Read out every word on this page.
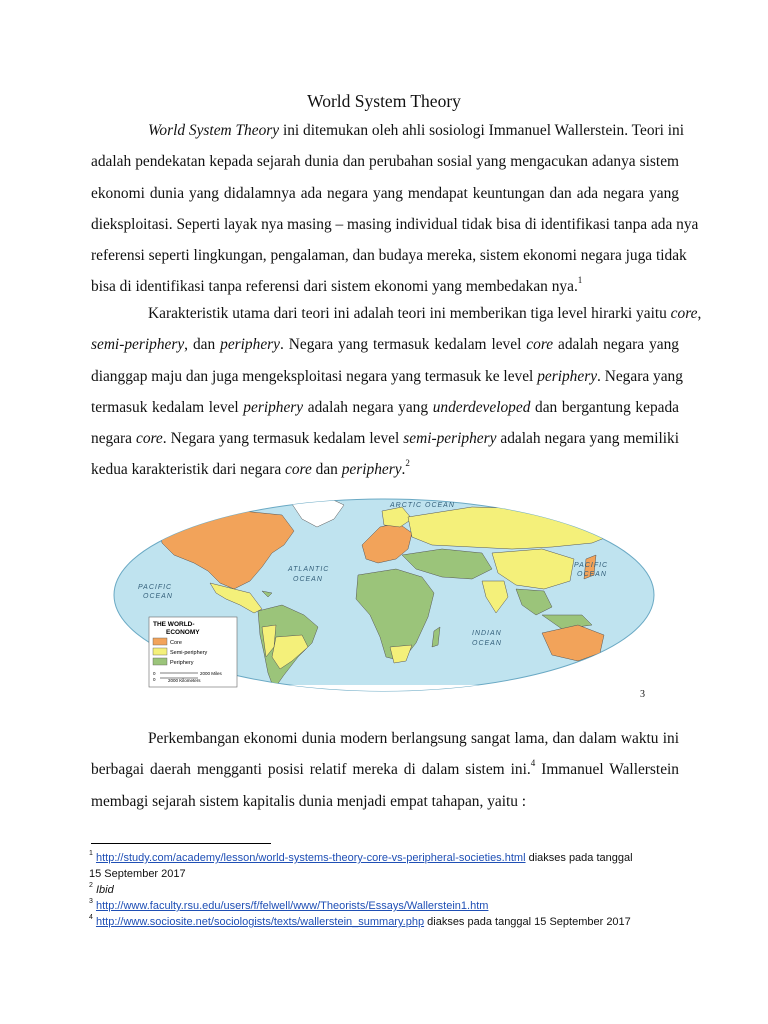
World System Theory
World System Theory ini ditemukan oleh ahli sosiologi Immanuel Wallerstein. Teori ini
adalah pendekatan kepada sejarah dunia dan perubahan sosial yang mengacukan adanya sistem
ekonomi dunia yang didalamnya ada negara yang mendapat keuntungan dan ada negara yang
dieksploitasi. Seperti layak nya masing – masing individual tidak bisa di identifikasi tanpa ada nya
referensi seperti lingkungan, pengalaman, dan budaya mereka, sistem ekonomi negara juga tidak
bisa di identifikasi tanpa referensi dari sistem ekonomi yang membedakan nya.$^1$
Karakteristik utama dari teori ini adalah teori ini memberikan tiga level hirarki yaitu core,
semi-periphery, dan periphery. Negara yang termasuk kedalam level core adalah negara yang
dianggap maju dan juga mengeksploitasi negara yang termasuk ke level periphery. Negara yang
termasuk kedalam level periphery adalah negara yang underdeveloped dan bergantung kepada
negara core. Negara yang termasuk kedalam level semi-periphery adalah negara yang memiliki
kedua karakteristik dari negara core dan periphery.$^2$
ARCTIC OCEAN
ATLANTIC
OCEAN
PACIFIC
OCEAN
PACIFIC
OCEAN
INDIAN
OCEAN
THE WORLD-
ECONOMY
Core
Semi-periphery
Periphery
0	2000 Miles
0	2000 Kilometers
3
Perkembangan ekonomi dunia modern berlangsung sangat lama, dan dalam waktu ini
berbagai daerah mengganti posisi relatif mereka di dalam sistem ini.$^4$ Immanuel Wallerstein
membagi sejarah sistem kapitalis dunia menjadi empat tahapan, yaitu :
$^1$ http://study.com/academy/lesson/world-systems-theory-core-vs-peripheral-societies.html diakses pada tanggal
15 September 2017
$^2$ Ibid
$^3$ http://www.faculty.rsu.edu/users/f/felwell/www/Theorists/Essays/Wallerstein1.htm
$^4$ http://www.sociosite.net/sociologists/texts/wallerstein_summary.php diakses pada tanggal 15 September 2017
